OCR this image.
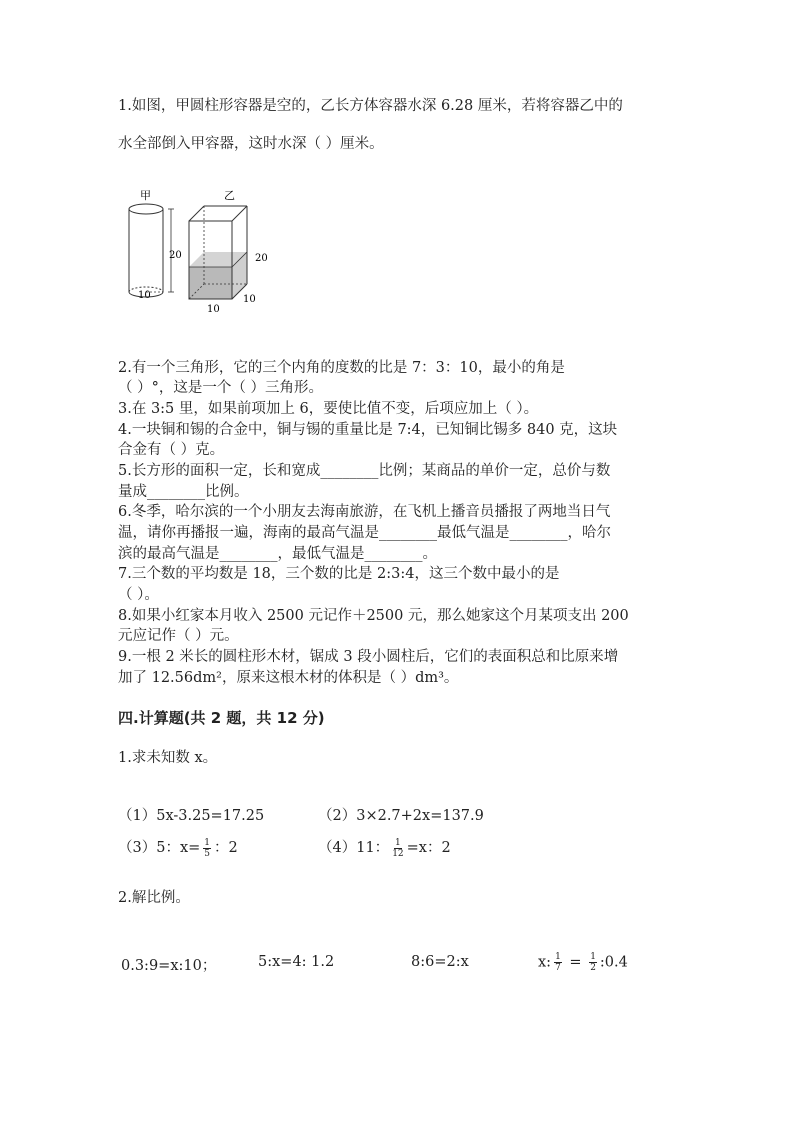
1.如图，甲圆柱形容器是空的，乙长方体容器水深 6.28 厘米，若将容器乙中的
水全部倒入甲容器，这时水深（ ）厘米。
甲
10
20
乙
20
10
10
2.有一个三角形，它的三个内角的度数的比是 7：3：10，最小的角是
（ ）°，这是一个（ ）三角形。
3.在 3:5 里，如果前项加上 6，要使比值不变，后项应加上（ ）。
4.一块铜和锡的合金中，铜与锡的重量比是 7:4，已知铜比锡多 840 克，这块
合金有（ ）克。
5.长方形的面积一定，长和宽成________比例；某商品的单价一定，总价与数
量成________比例。
6.冬季，哈尔滨的一个小朋友去海南旅游，在飞机上播音员播报了两地当日气
温，请你再播报一遍，海南的最高气温是________最低气温是________，哈尔
滨的最高气温是________，最低气温是________。
7.三个数的平均数是 18，三个数的比是 2:3:4，这三个数中最小的是
（ ）。
8.如果小红家本月收入 2500 元记作＋2500 元，那么她家这个月某项支出 200
元应记作（ ）元。
9.一根 2 米长的圆柱形木材，锯成 3 段小圆柱后，它们的表面积总和比原来增
加了 12.56dm²，原来这根木材的体积是（ ）dm³。
四.计算题(共 2 题，共 12 分)
1.求未知数 x。
（1）5x-3.25=17.25	（2）3×2.7+2x=137.9
（3）5：$x= \frac{1}{5}$ ：2	（4）11： $\frac{1}{12} =x$：2
2.解比例。
0.3:9=x:10；	5:x=4: 1.2	8:6=2:x	x: $\frac{1}{7} = \frac{1}{2}$ :0.4
